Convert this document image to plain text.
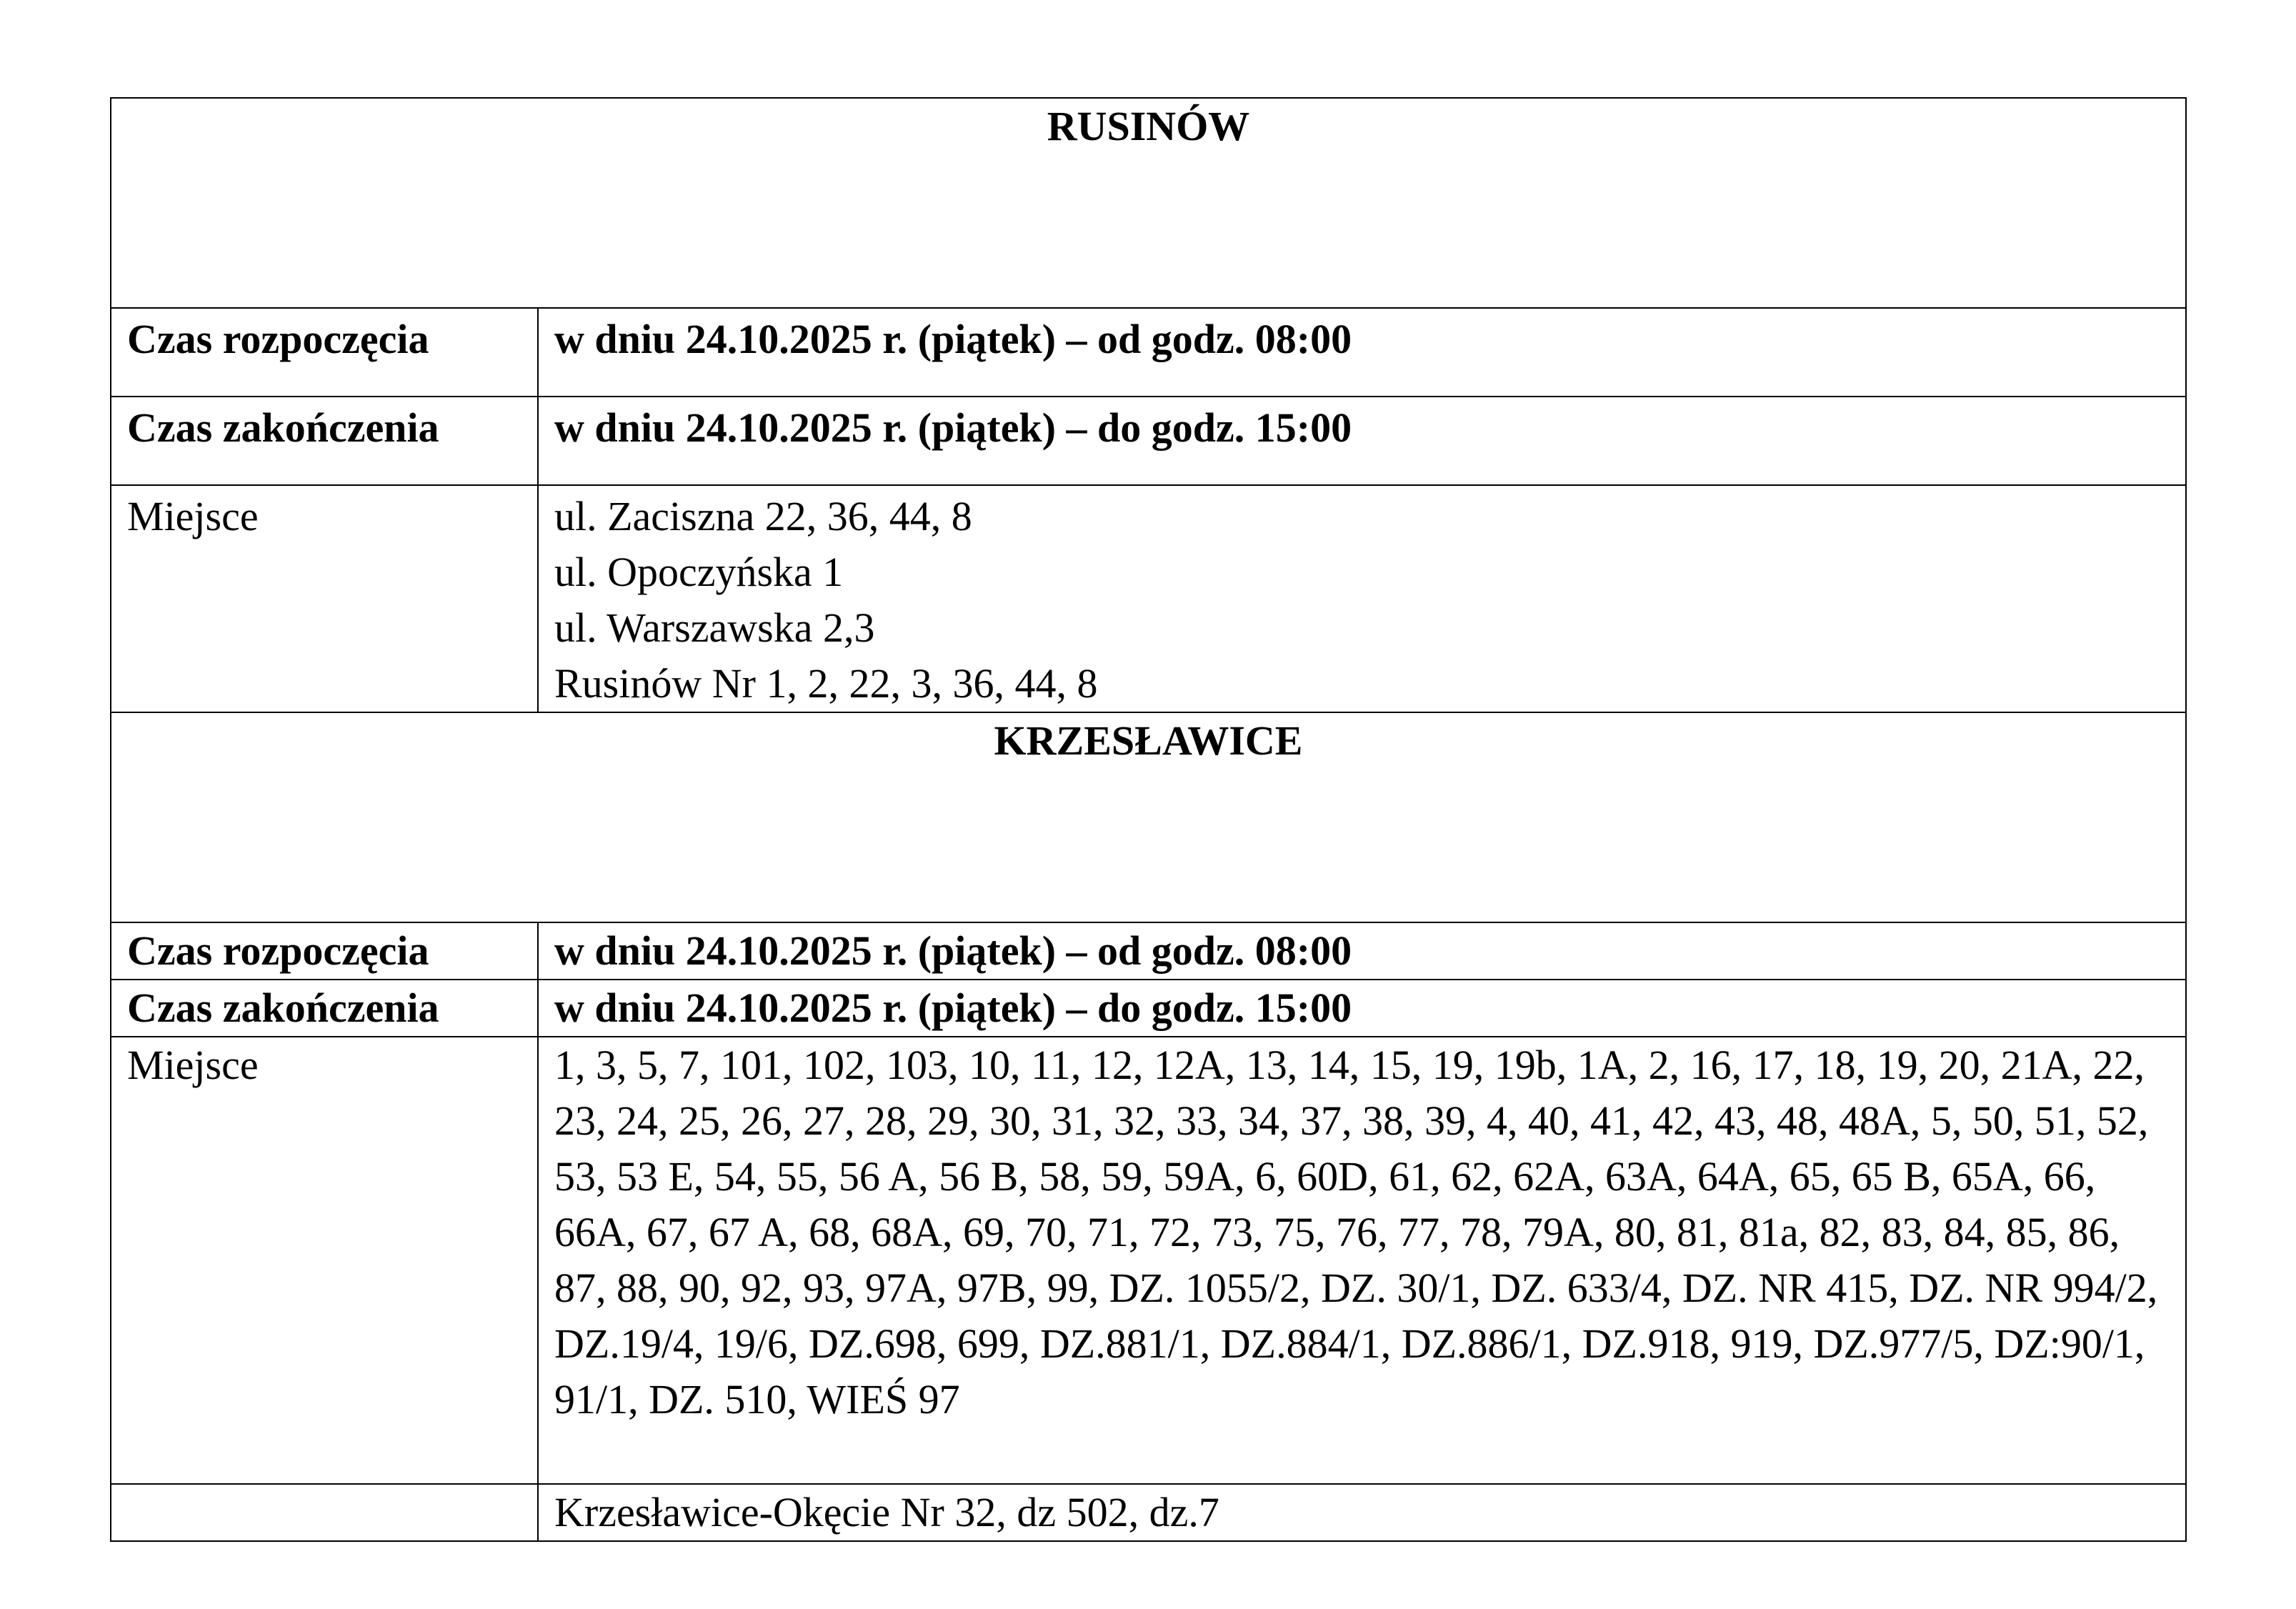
RUSINÓW	
Czas rozpoczęcia	w dniu 24.10.2025 r. (piątek) – od godz. 08:00
Czas zakończenia	w dniu 24.10.2025 r. (piątek) – do godz. 15:00
Miejsce	ul. Zaciszna 22, 36, 44, 8
ul. Opoczyńska 1
ul. Warszawska 2,3
Rusinów Nr 1, 2, 22, 3, 36, 44, 8

KRZESŁAWICE	
Czas rozpoczęcia	w dniu 24.10.2025 r. (piątek) – od godz. 08:00
Czas zakończenia	w dniu 24.10.2025 r. (piątek) – do godz. 15:00
Miejsce	1, 3, 5, 7, 101, 102, 103, 10, 11, 12, 12A, 13, 14, 15, 19, 19b, 1A, 2, 16, 17, 18, 19, 20, 21A, 22, 23, 24, 25, 26, 27, 28, 29, 30, 31, 32, 33, 34, 37, 38, 39, 4, 40, 41, 42, 43, 48, 48A, 5, 50, 51, 52, 53, 53 E, 54, 55, 56 A, 56 B, 58, 59, 59A, 6, 60D, 61, 62, 62A, 63A, 64A, 65, 65 B, 65A, 66, 66A, 67, 67 A, 68, 68A, 69, 70, 71, 72, 73, 75, 76, 77, 78, 79A, 80, 81, 81a, 82, 83, 84, 85, 86, 87, 88, 90, 92, 93, 97A, 97B, 99, DZ. 1055/2, DZ. 30/1, DZ. 633/4, DZ. NR 415, DZ. NR 994/2, DZ.19/4, 19/6, DZ.698, 699, DZ.881/1, DZ.884/1, DZ.886/1, DZ.918, 919, DZ.977/5, DZ:90/1, 91/1, DZ. 510, WIEŚ 97

	Krzesławice-Okęcie Nr 32, dz 502, dz.7
